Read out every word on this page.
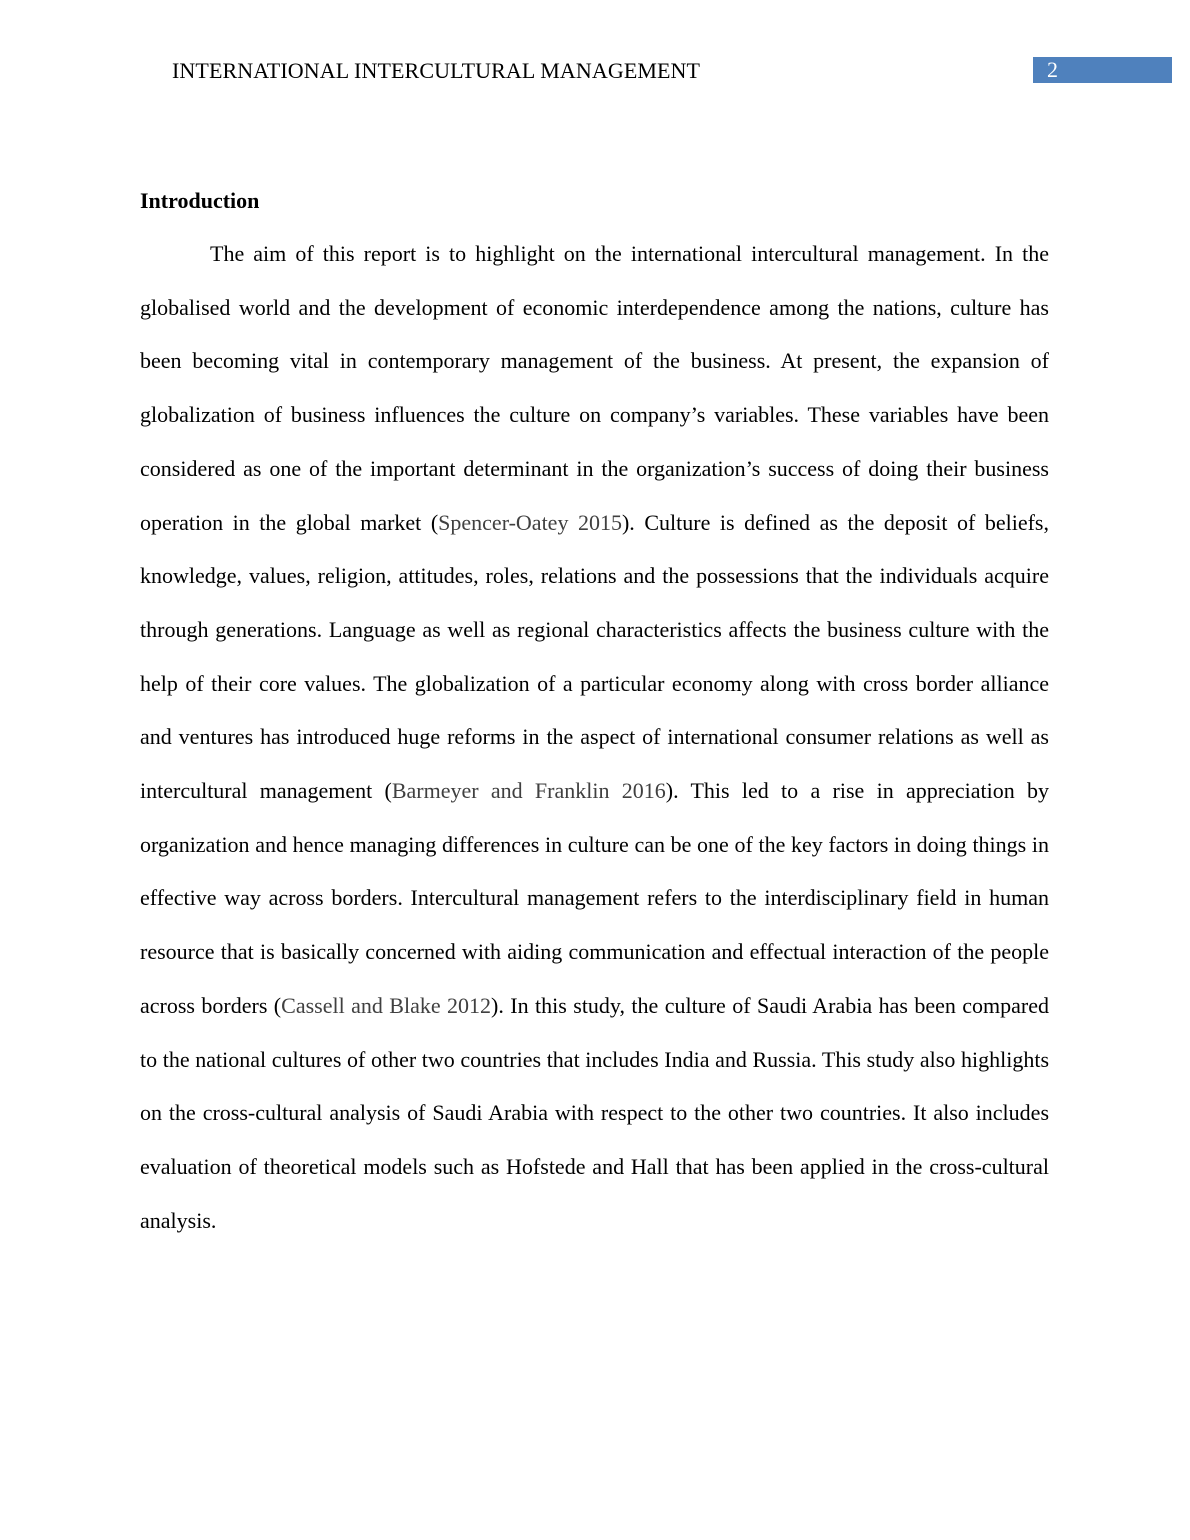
INTERNATIONAL INTERCULTURAL MANAGEMENT	2
Introduction

The aim of this report is to highlight on the international intercultural management. In the globalised world and the development of economic interdependence among the nations, culture has been becoming vital in contemporary management of the business. At present, the expansion of globalization of business influences the culture on company’s variables. These variables have been considered as one of the important determinant in the organization’s success of doing their business operation in the global market (Spencer-Oatey 2015). Culture is defined as the deposit of beliefs, knowledge, values, religion, attitudes, roles, relations and the possessions that the individuals acquire through generations. Language as well as regional characteristics affects the business culture with the help of their core values. The globalization of a particular economy along with cross border alliance and ventures has introduced huge reforms in the aspect of international consumer relations as well as intercultural management (Barmeyer and Franklin 2016). This led to a rise in appreciation by organization and hence managing differences in culture can be one of the key factors in doing things in effective way across borders. Intercultural management refers to the interdisciplinary field in human resource that is basically concerned with aiding communication and effectual interaction of the people across borders (Cassell and Blake 2012). In this study, the culture of Saudi Arabia has been compared to the national cultures of other two countries that includes India and Russia. This study also highlights on the cross-cultural analysis of Saudi Arabia with respect to the other two countries. It also includes evaluation of theoretical models such as Hofstede and Hall that has been applied in the cross-cultural analysis.
